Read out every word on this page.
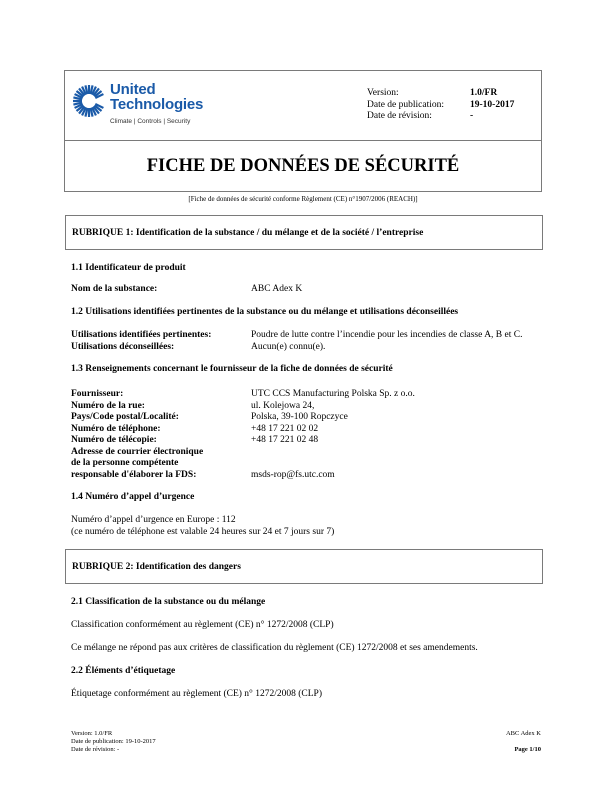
United
Technologies
Climate | Controls | Security
Version:	1.0/FR
Date de publication:	19-10-2017
Date de révision:	-
FICHE DE DONNÉES DE SÉCURITÉ
[Fiche de données de sécurité conforme Règlement (CE) n°1907/2006 (REACH)]
RUBRIQUE 1 : Identification de la substance / du mélange et de la société / l’entreprise
1.1 Identificateur de produit
Nom de la substance:	ABC Adex K
1.2 Utilisations identifiées pertinentes de la substance ou du mélange et utilisations déconseillées
Utilisations identifiées pertinentes:	Poudre de lutte contre l’incendie pour les incendies de classe A, B et C.
Utilisations déconseillées:	Aucun(e) connu(e).
1.3 Renseignements concernant le fournisseur de la fiche de données de sécurité
Fournisseur:	UTC CCS Manufacturing Polska Sp. z o.o.
Numéro de la rue:	ul. Kolejowa 24,
Pays/Code postal/Localité:	Polska, 39-100 Ropczyce
Numéro de téléphone:	+48 17 221 02 02
Numéro de télécopie:	+48 17 221 02 48
Adresse de courrier électronique
de la personne compétente
responsable d'élaborer la FDS:	msds-rop@fs.utc.com
1.4 Numéro d’appel d’urgence
Numéro d’appel d’urgence en Europe : 112
(ce numéro de téléphone est valable 24 heures sur 24 et 7 jours sur 7)
RUBRIQUE 2 : Identification des dangers
2.1 Classification de la substance ou du mélange
Classification conformément au règlement (CE) n° 1272/2008 (CLP)
Ce mélange ne répond pas aux critères de classification du règlement (CE) 1272/2008 et ses amendements.
2.2 Éléments d’étiquetage
Étiquetage conformément au règlement (CE) n° 1272/2008 (CLP)
Version: 1.0/FR
Date de publication: 19-10-2017
Date de révision: -
ABC Adex K
Page 1/10
